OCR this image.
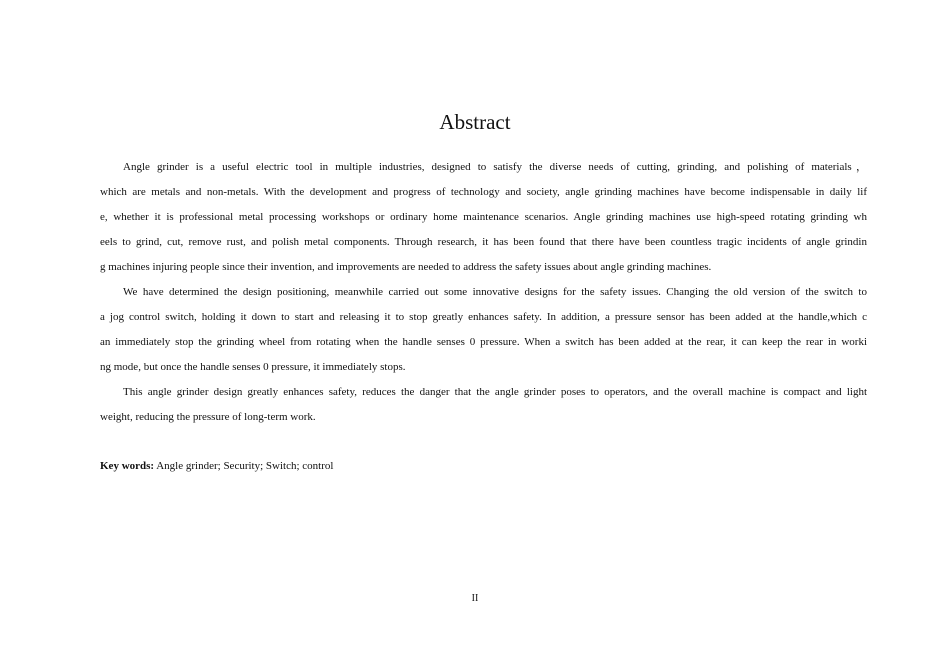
Abstract
Angle grinder is a useful electric tool in multiple industries, designed to satisfy the diverse needs of cutting, grinding, and polishing of materials，
which are metals and non-metals. With the development and progress of technology and society, angle grinding machines have become indispensable in daily lif
e, whether it is professional metal processing workshops or ordinary home maintenance scenarios. Angle grinding machines use high-speed rotating grinding wh
eels to grind, cut, remove rust, and polish metal components. Through research, it has been found that there have been countless tragic incidents of angle grindin
g machines injuring people since their invention, and improvements are needed to address the safety issues about angle grinding machines.
We have determined the design positioning, meanwhile carried out some innovative designs for the safety issues. Changing the old version of the switch to
a jog control switch, holding it down to start and releasing it to stop greatly enhances safety. In addition, a pressure sensor has been added at the handle,which c
an immediately stop the grinding wheel from rotating when the handle senses 0 pressure. When a switch has been added at the rear, it can keep the rear in worki
ng mode, but once the handle senses 0 pressure, it immediately stops.
This angle grinder design greatly enhances safety, reduces the danger that the angle grinder poses to operators, and the overall machine is compact and light
weight, reducing the pressure of long-term work.
Key words: Angle grinder; Security; Switch; control
II
